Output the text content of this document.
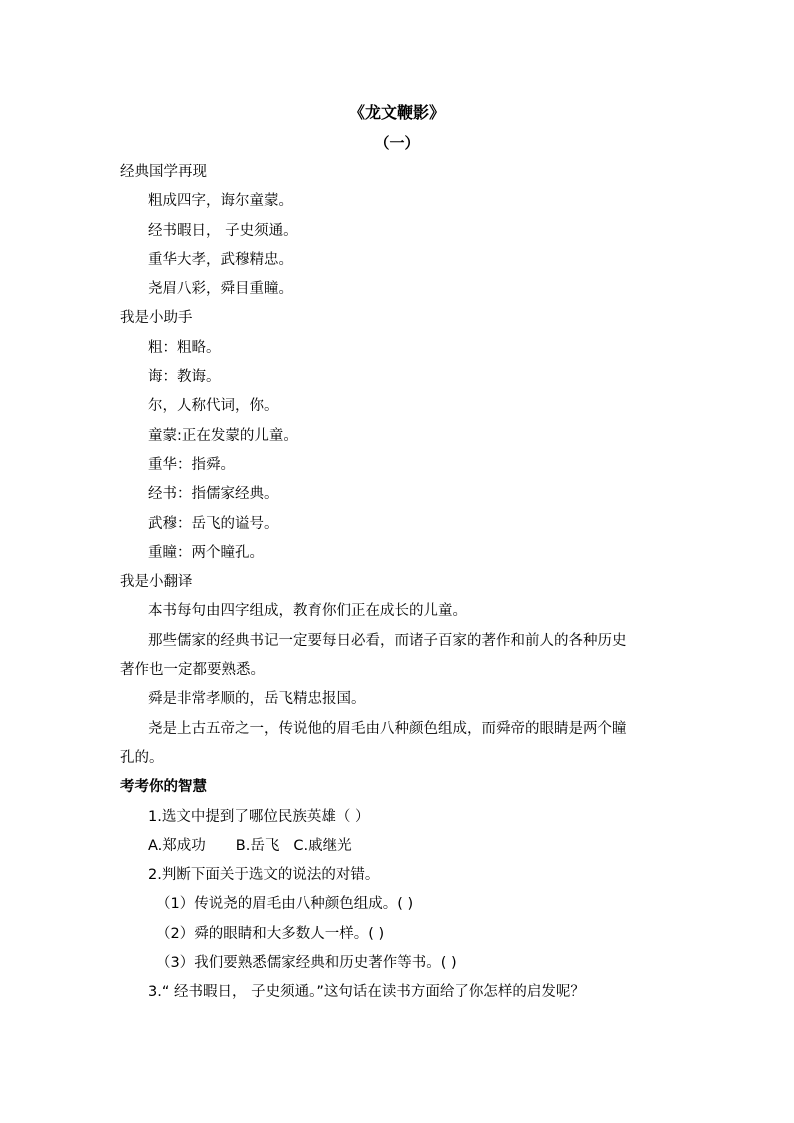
《龙文鞭影》
（一）
经典国学再现
粗成四字，诲尔童蒙。
经书暇日， 子史须通。
重华大孝，武穆精忠。
尧眉八彩，舜目重瞳。
我是小助手
粗：粗略。
诲：教诲。
尔，人称代词，你。
童蒙:正在发蒙的儿童。
重华：指舜。
经书：指儒家经典。
武穆：岳飞的谥号。
重瞳：两个瞳孔。
我是小翻译
本书每句由四字组成，教育你们正在成长的儿童。
那些儒家的经典书记一定要每日必看，而诸子百家的著作和前人的各种历史
著作也一定都要熟悉。
舜是非常孝顺的，岳飞精忠报国。
尧是上古五帝之一，传说他的眉毛由八种颜色组成，而舜帝的眼睛是两个瞳
孔的。
考考你的智慧
1.选文中提到了哪位民族英雄（ ）
A.郑成功 B.岳飞 C.戚继光
2.判断下面关于选文的说法的对错。
（1）传说尧的眉毛由八种颜色组成。( )
（2）舜的眼睛和大多数人一样。( )
（3）我们要熟悉儒家经典和历史著作等书。( )
3.“ 经书暇日， 子史须通。”这句话在读书方面给了你怎样的启发呢？
